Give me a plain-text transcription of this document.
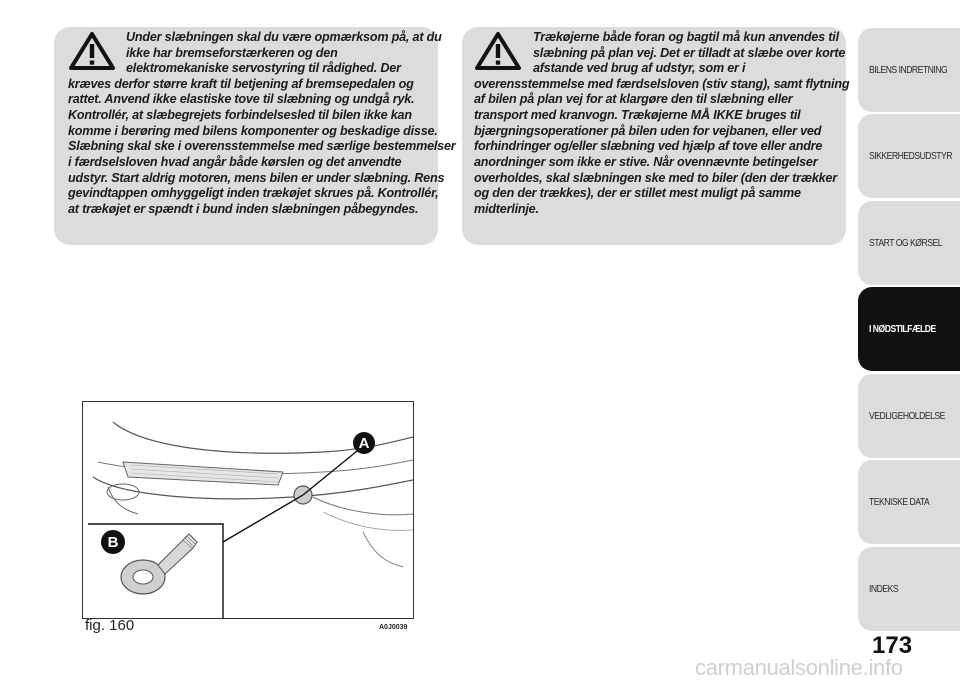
Under slæbningen skal du være opmærksom på, at du

ikke har bremseforstærkeren og den

elektromekaniske servostyring til rådighed. Der

kræves derfor større kraft til betjening af bremsepedalen og

rattet. Anvend ikke elastiske tove til slæbning og undgå ryk.

Kontrollér, at slæbegrejets forbindelsesled til bilen ikke kan

komme i berøring med bilens komponenter og beskadige disse.

Slæbning skal ske i overensstemmelse med særlige bestemmelser

i færdselsloven hvad angår både kørslen og det anvendte

udstyr. Start aldrig motoren, mens bilen er under slæbning. Rens

gevindtappen omhyggeligt inden trækøjet skrues på. Kontrollér,

at trækøjet er spændt i bund inden slæbningen påbegyndes.

Trækøjerne både foran og bagtil må kun anvendes til

slæbning på plan vej. Det er tilladt at slæbe over korte

afstande ved brug af udstyr, som er i

overensstemmelse med færdselsloven (stiv stang), samt flytning

af bilen på plan vej for at klargøre den til slæbning eller

transport med kranvogn. Trækøjerne MÅ IKKE bruges til

bjærgningsoperationer på bilen uden for vejbanen, eller ved

forhindringer og/eller slæbning ved hjælp af tove eller andre

anordninger som ikke er stive. Når ovennævnte betingelser

overholdes, skal slæbningen ske med to biler (den der trækker

og den der trækkes), der er stillet mest muligt på samme

midterlinje.

A
B
fig. 160	A0J0039
BILENS INDRETNING
SIKKERHEDSUDSTYR
START OG KØRSEL
I NØDSTILFÆLDE
VEDLIGEHOLDELSE
TEKNISKE DATA
INDEKS
173
carmanualsonline.info
